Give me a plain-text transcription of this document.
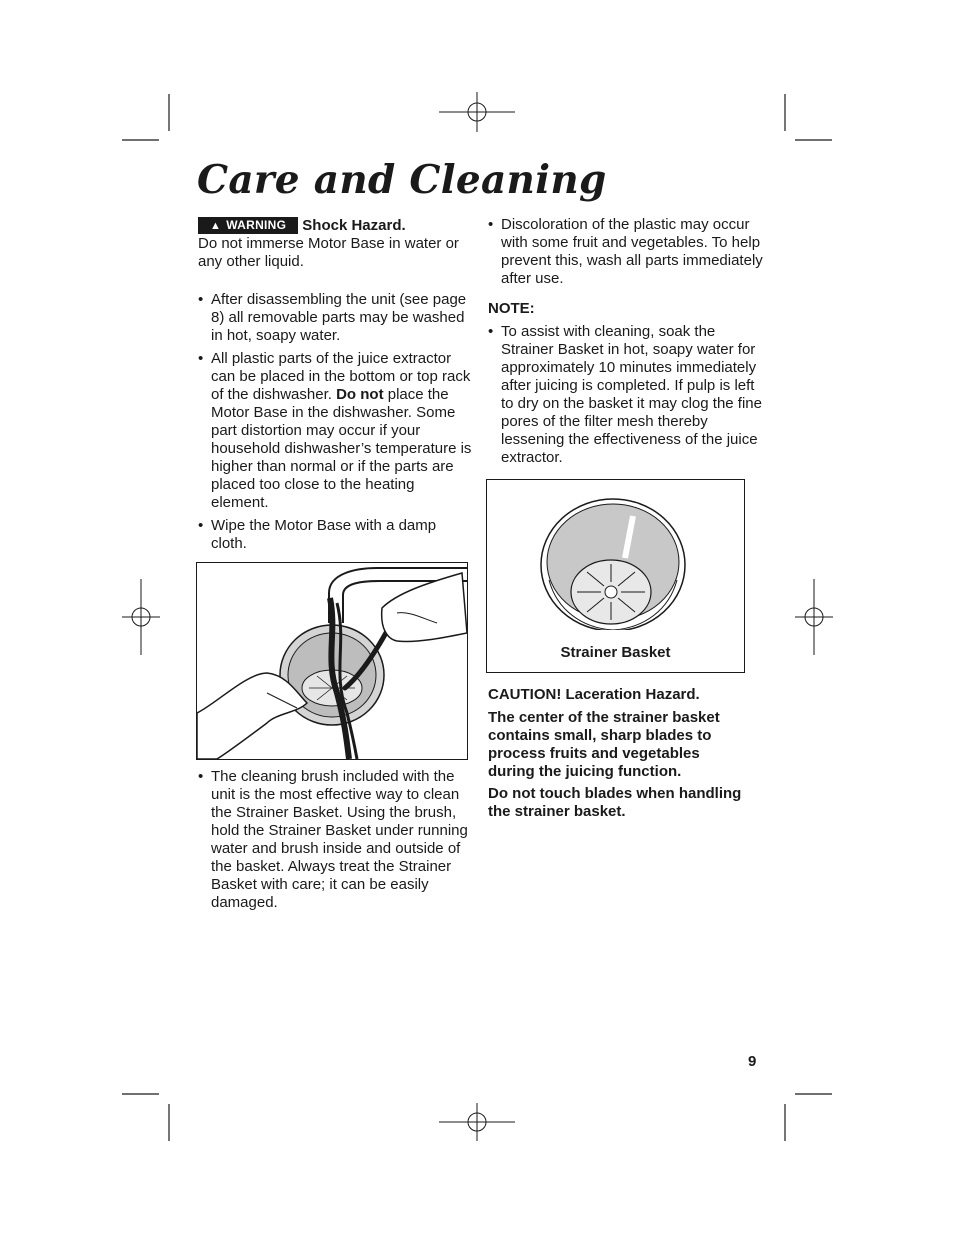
Care and Cleaning
▲ WARNING Shock Hazard.
Do not immerse Motor Base in water or any other liquid.
• After disassembling the unit (see page 8) all removable parts may be washed in hot, soapy water.
• All plastic parts of the juice extractor can be placed in the bottom or top rack of the dishwasher. Do not place the Motor Base in the dishwasher. Some part distortion may occur if your household dishwasher’s temperature is higher than normal or if the parts are placed too close to the heating element.
• Wipe the Motor Base with a damp cloth.
• The cleaning brush included with the unit is the most effective way to clean the Strainer Basket. Using the brush, hold the Strainer Basket under running water and brush inside and outside of the basket. Always treat the Strainer Basket with care; it can be easily damaged.
• Discoloration of the plastic may occur with some fruit and vegetables. To help prevent this, wash all parts immediately after use.
NOTE:
• To assist with cleaning, soak the Strainer Basket in hot, soapy water for approximately 10 minutes immediately after juicing is completed. If pulp is left to dry on the basket it may clog the fine pores of the filter mesh thereby lessening the effectiveness of the juice extractor.
Strainer Basket
CAUTION! Laceration Hazard.
The center of the strainer basket contains small, sharp blades to process fruits and vegetables during the juicing function.
Do not touch blades when handling the strainer basket.
9
